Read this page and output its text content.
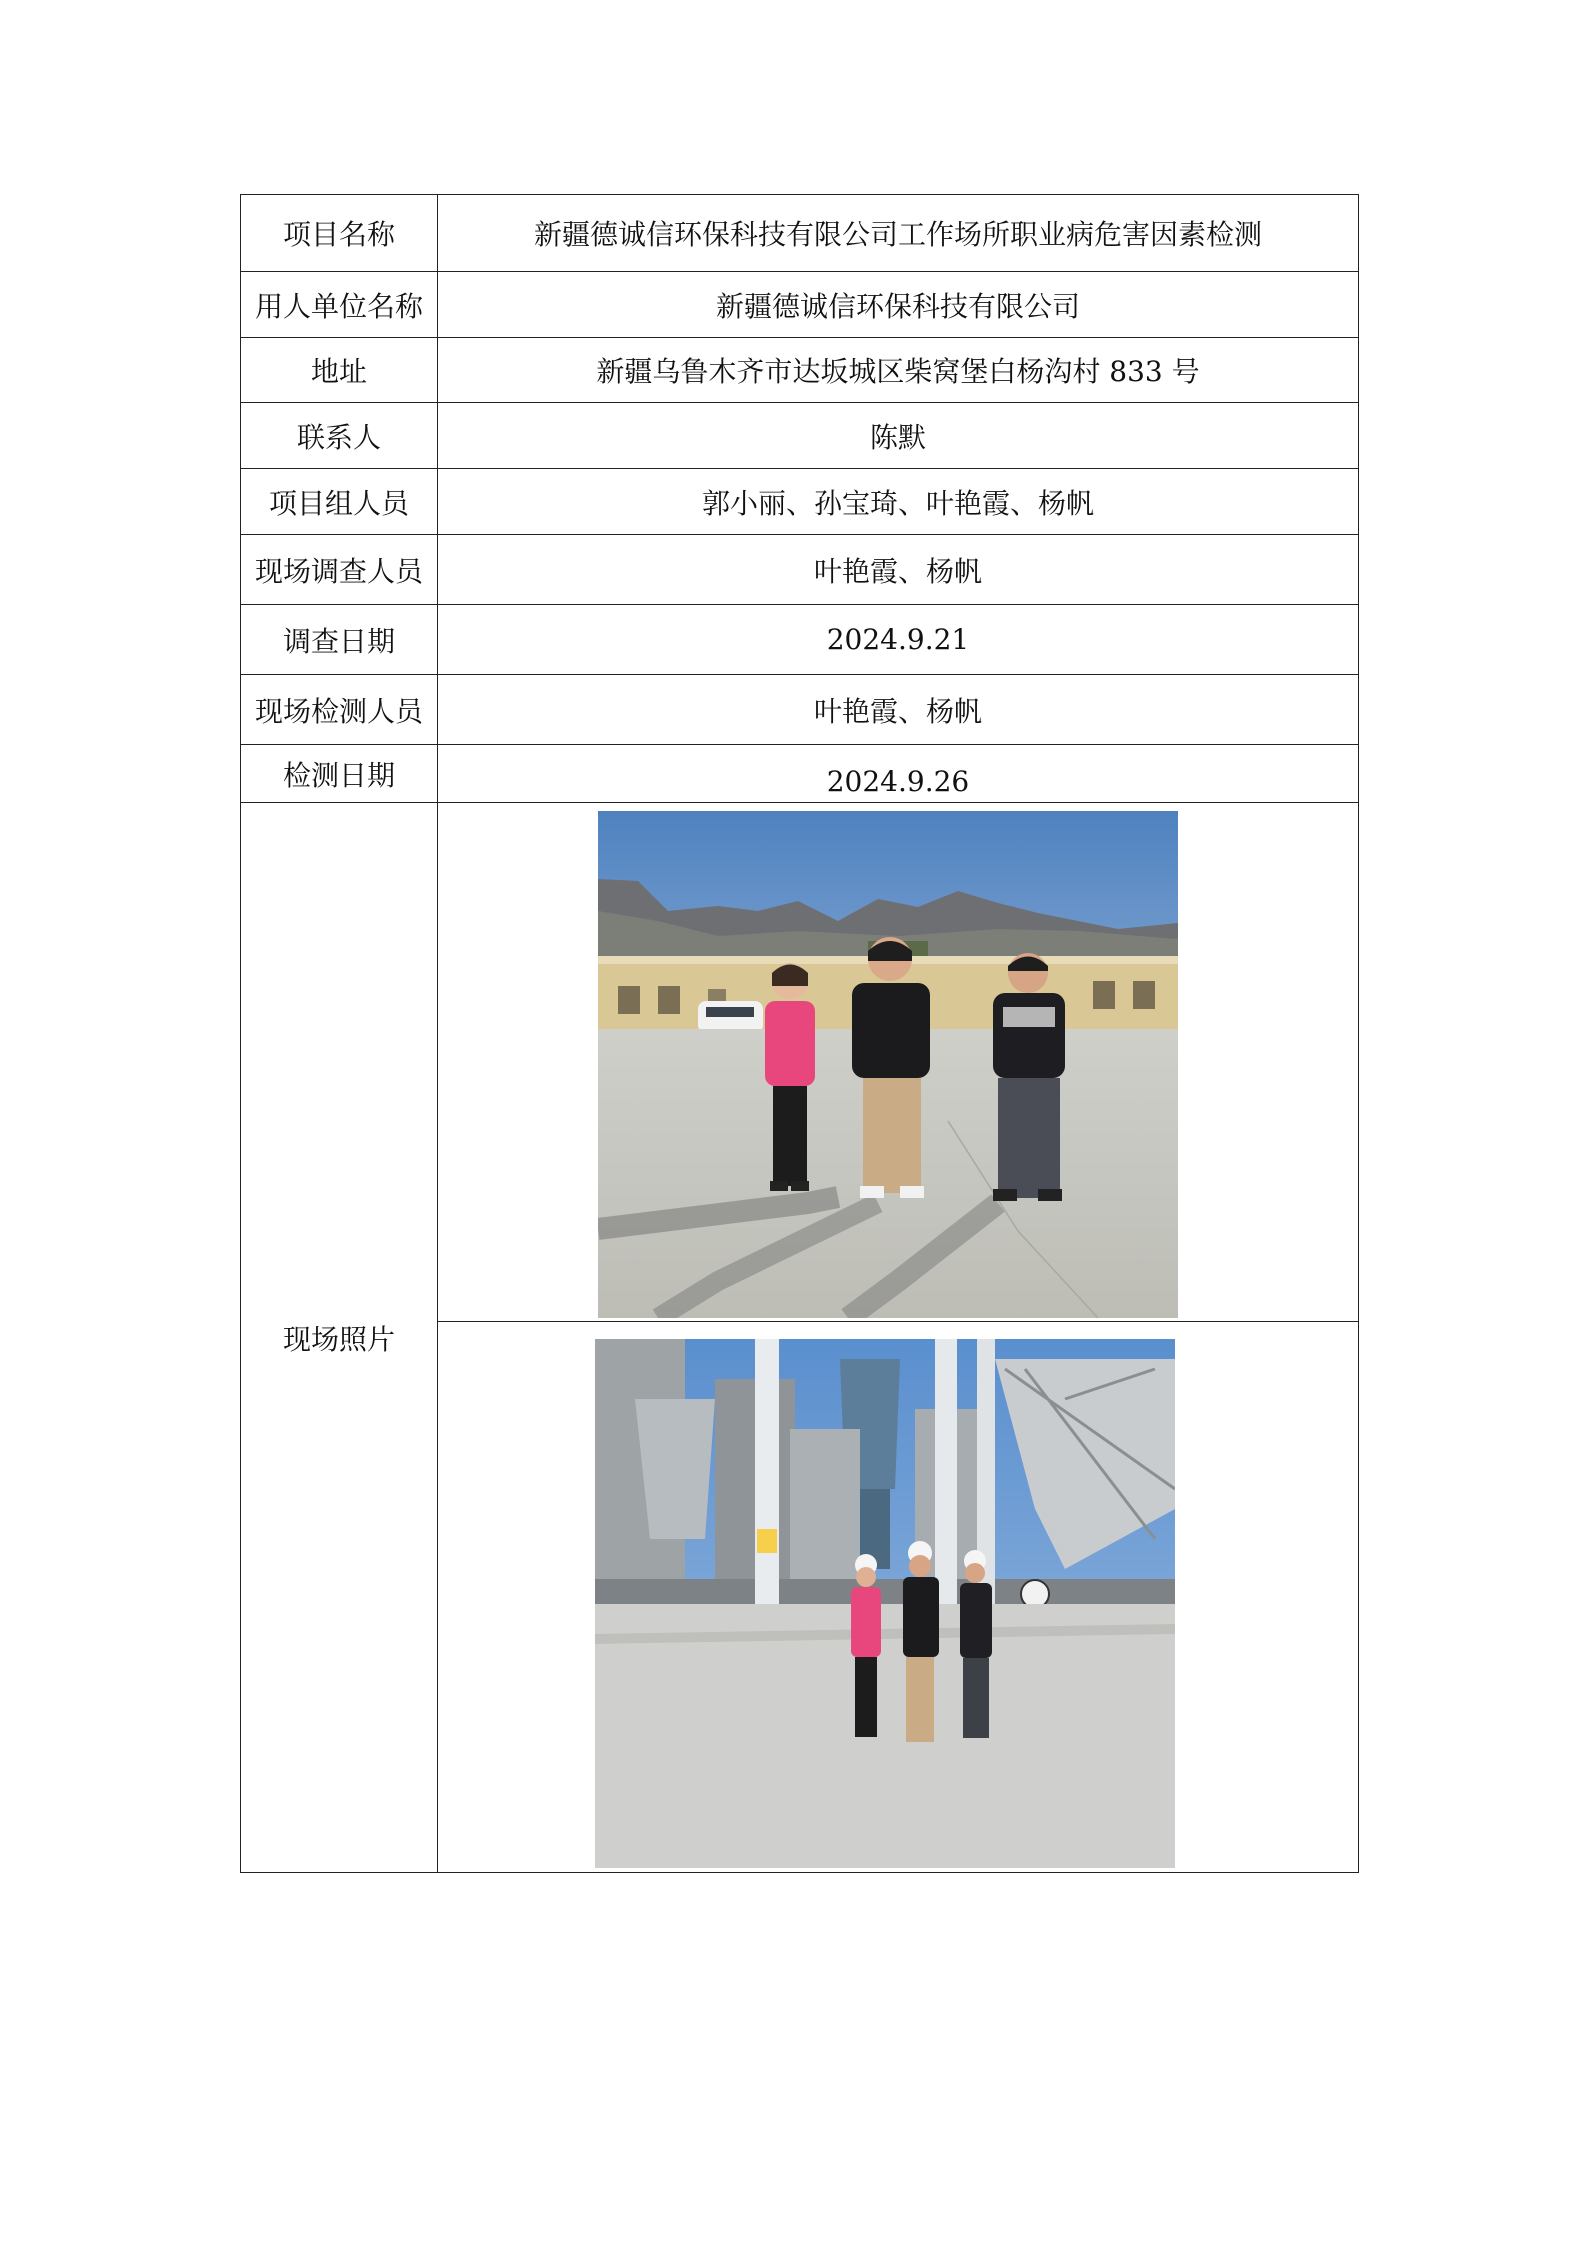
项目名称	新疆德诚信环保科技有限公司工作场所职业病危害因素检测
用人单位名称	新疆德诚信环保科技有限公司
地址	新疆乌鲁木齐市达坂城区柴窝堡白杨沟村 833 号
联系人	陈默
项目组人员	郭小丽、孙宝琦、叶艳霞、杨帆
现场调查人员	叶艳霞、杨帆
调查日期	2024.9.21
现场检测人员	叶艳霞、杨帆
检测日期	2024.9.26
现场照片	
